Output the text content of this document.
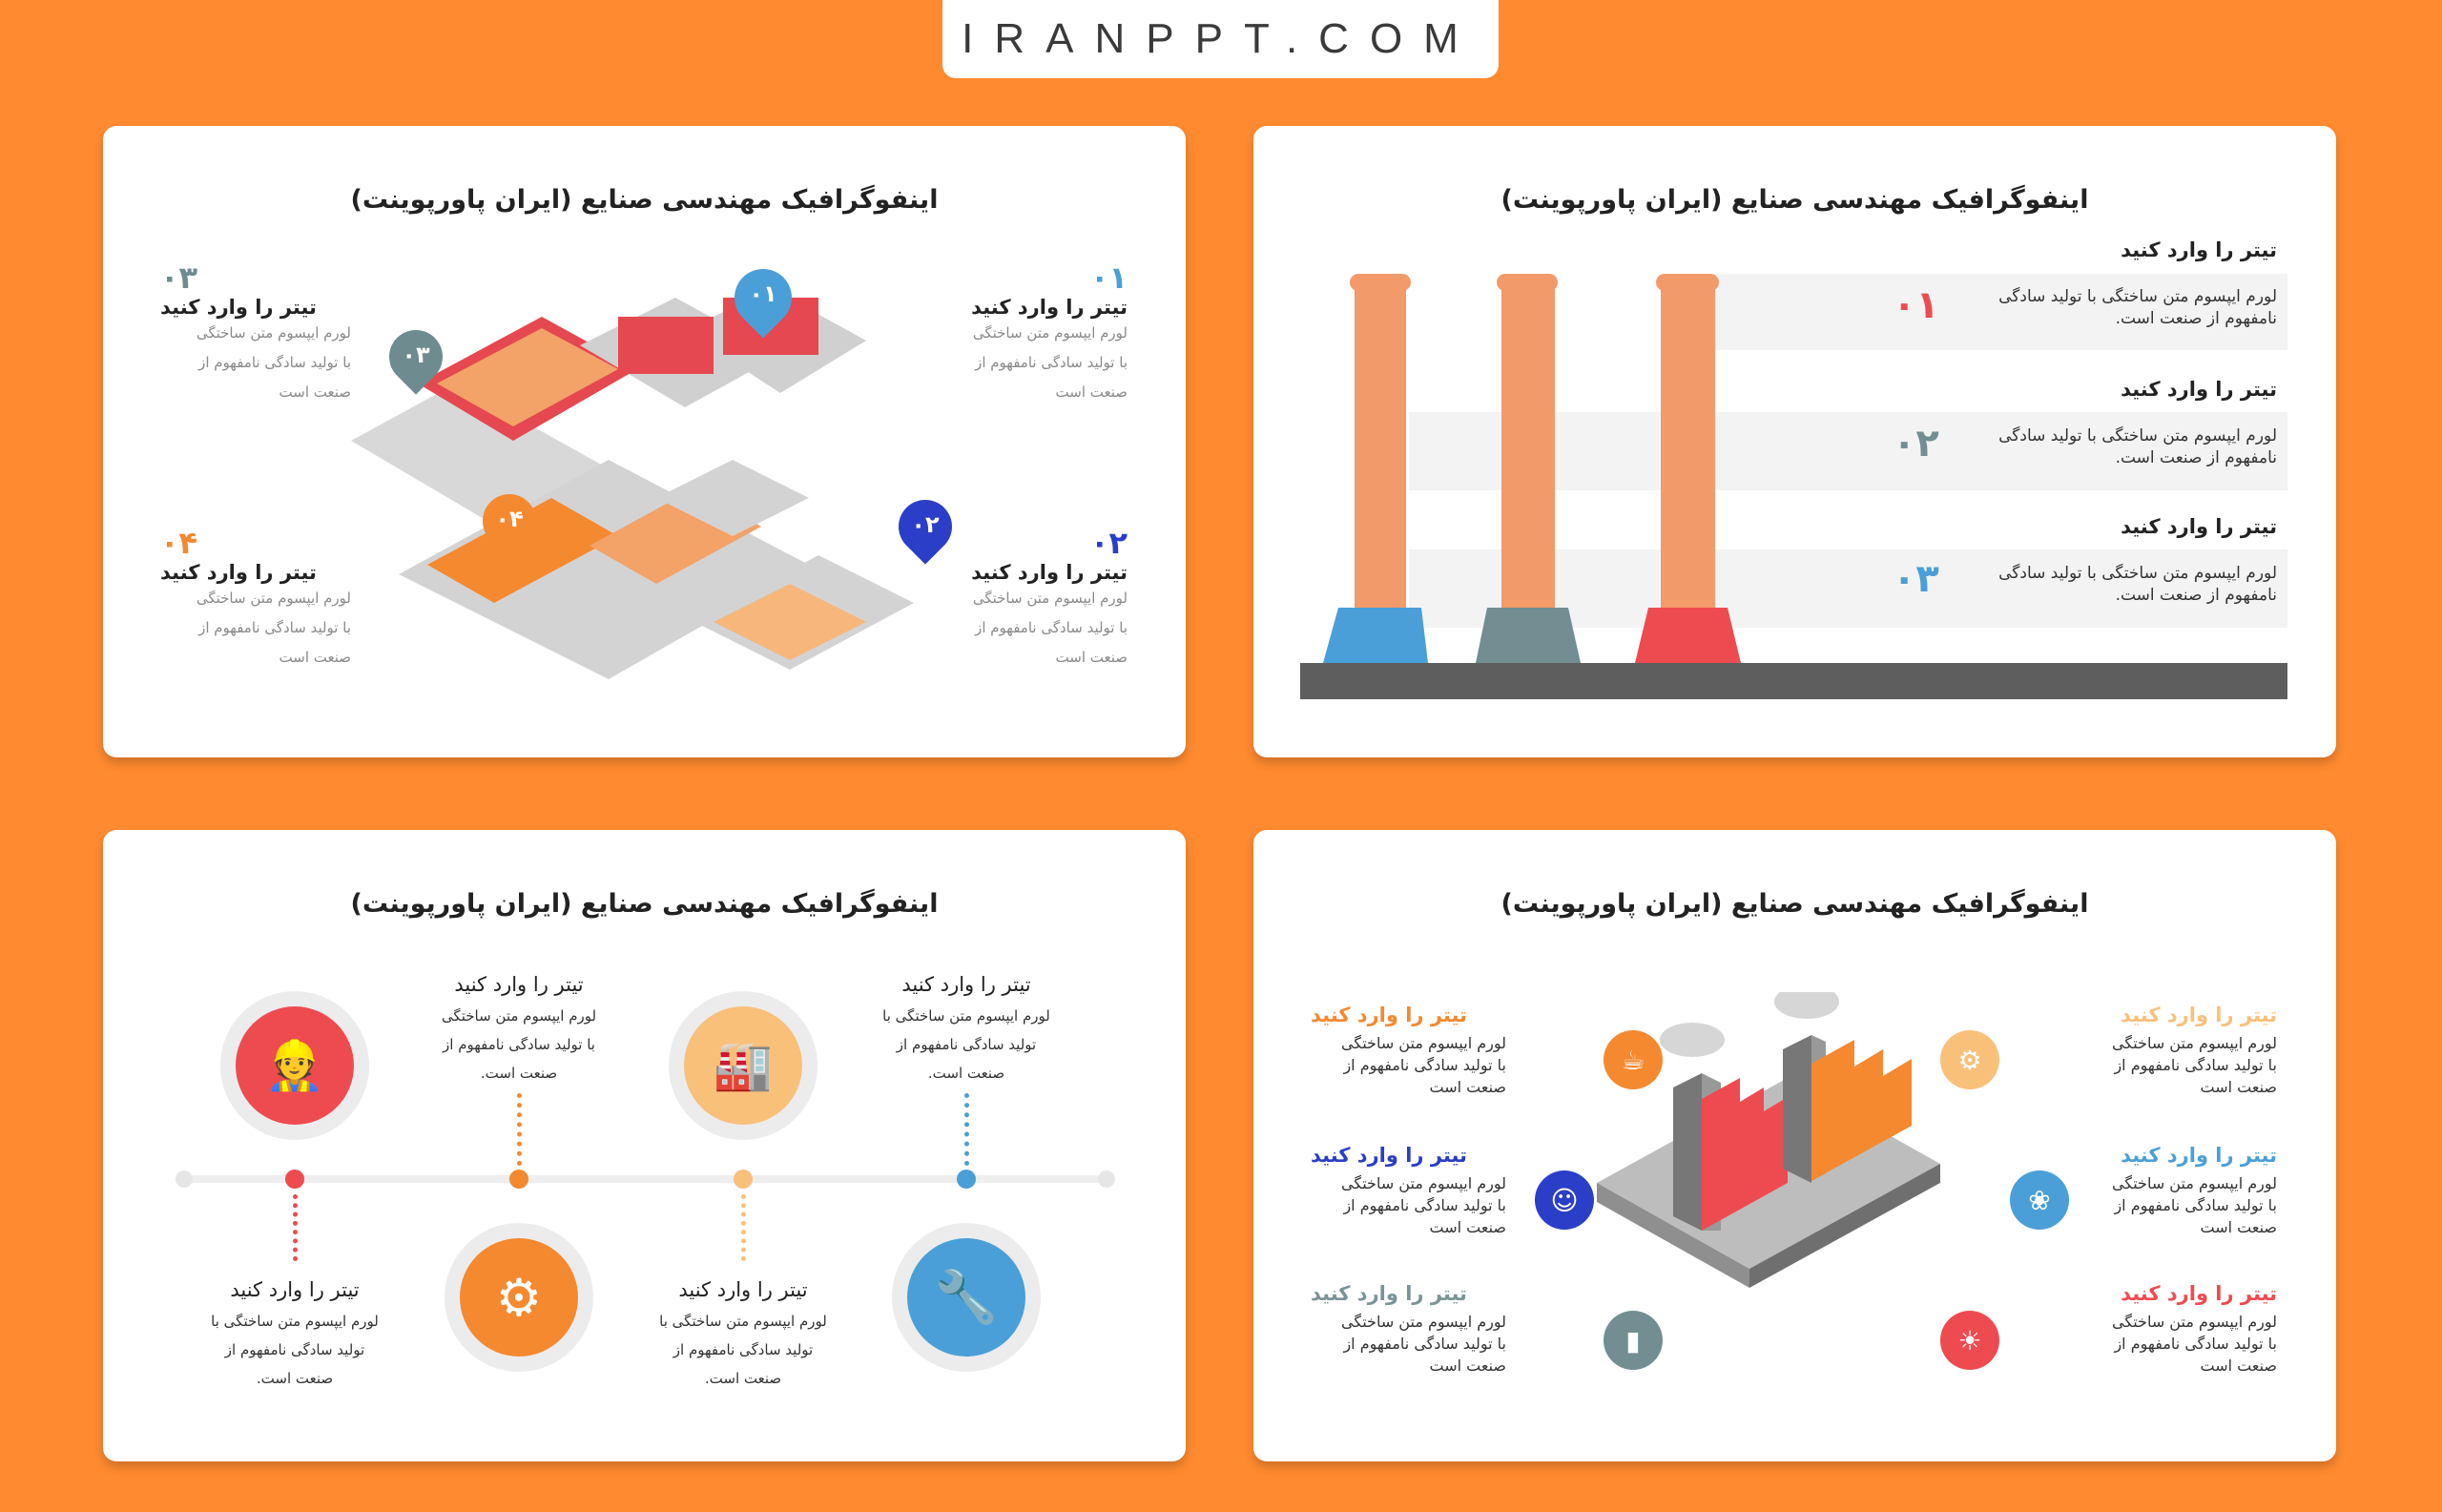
IRANPPT.COM
اینفوگرافیک مهندسی صنایع (ایران پاورپوینت)
۰۳
تیتر را وارد کنید
لورم ایپسوم متن ساختگی
با تولید سادگی نامفهوم از
صنعت است
۰۴
تیتر را وارد کنید
لورم ایپسوم متن ساختگی
با تولید سادگی نامفهوم از
صنعت است
۰۱
تیتر را وارد کنید
لورم ایپسوم متن ساختگی
با تولید سادگی نامفهوم از
صنعت است
۰۲
تیتر را وارد کنید
لورم ایپسوم متن ساختگی
با تولید سادگی نامفهوم از
صنعت است
۰۱
۰۳
۰۴	۰۲
اینفوگرافیک مهندسی صنایع (ایران پاورپوینت)
تیتر را وارد کنید
لورم ایپسوم متن ساختگی با تولید سادگی
نامفهوم از صنعت است.
۰۱
تیتر را وارد کنید
لورم ایپسوم متن ساختگی با تولید سادگی
نامفهوم از صنعت است.
۰۲
تیتر را وارد کنید
لورم ایپسوم متن ساختگی با تولید سادگی
نامفهوم از صنعت است.
۰۳
اینفوگرافیک مهندسی صنایع (ایران پاورپوینت)
👷
⚙
🏭
🔧
تیتر را وارد کنید
لورم ایپسوم متن ساختگی با
تولید سادگی نامفهوم از
صنعت است.
تیتر را وارد کنید
لورم ایپسوم متن ساختگی
با تولید سادگی نامفهوم از
صنعت است.
تیتر را وارد کنید
لورم ایپسوم متن ساختگی با
تولید سادگی نامفهوم از
صنعت است.
تیتر را وارد کنید
لورم ایپسوم متن ساختگی با
تولید سادگی نامفهوم از
صنعت است.
اینفوگرافیک مهندسی صنایع (ایران پاورپوینت)
تیتر را وارد کنید
لورم ایپسوم متن ساختگی
با تولید سادگی نامفهوم از
صنعت است
تیتر را وارد کنید
لورم ایپسوم متن ساختگی
با تولید سادگی نامفهوم از
صنعت است
تیتر را وارد کنید
لورم ایپسوم متن ساختگی
با تولید سادگی نامفهوم از
صنعت است
تیتر را وارد کنید
لورم ایپسوم متن ساختگی
با تولید سادگی نامفهوم از
صنعت است
تیتر را وارد کنید
لورم ایپسوم متن ساختگی
با تولید سادگی نامفهوم از
صنعت است
تیتر را وارد کنید
لورم ایپسوم متن ساختگی
با تولید سادگی نامفهوم از
صنعت است
☕
☺
▮
⚙
❀
☀
